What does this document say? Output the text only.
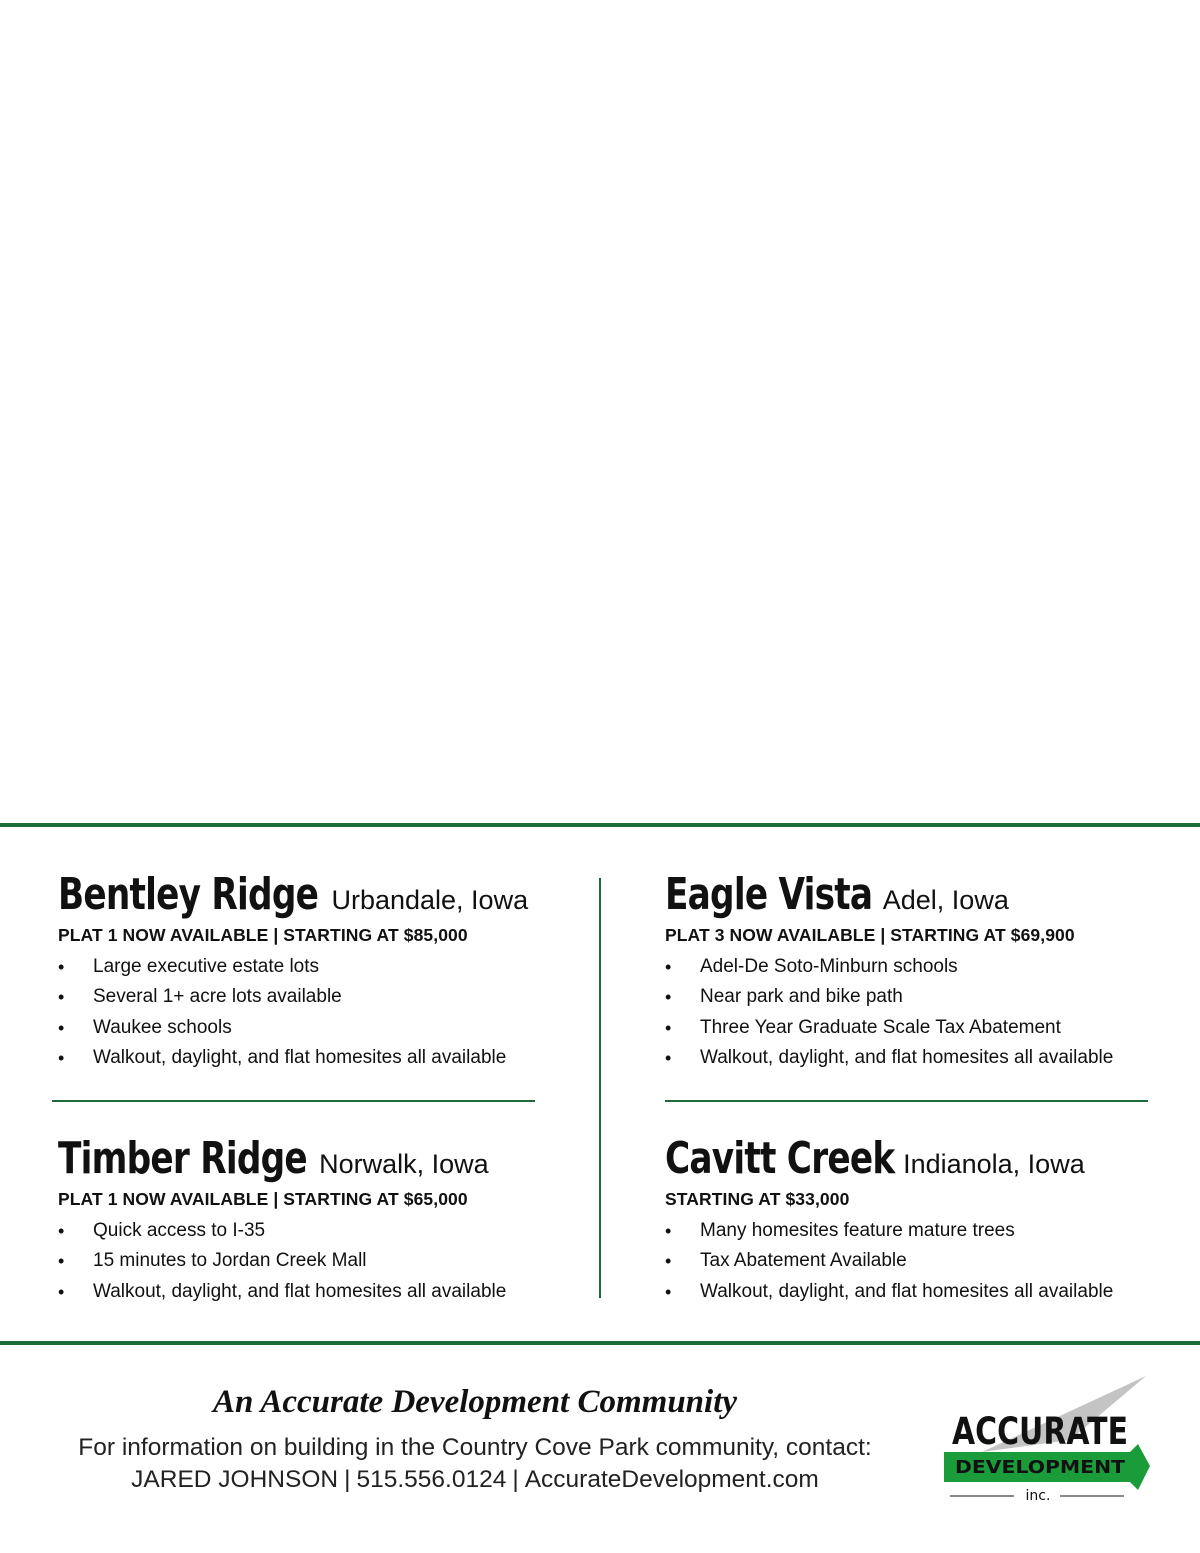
Bentley Ridge Urbandale, Iowa
PLAT 1 NOW AVAILABLE | STARTING AT $85,000
• Large executive estate lots
• Several 1+ acre lots available
• Waukee schools
• Walkout, daylight, and flat homesites all available
Eagle Vista Adel, Iowa
PLAT 3 NOW AVAILABLE | STARTING AT $69,900
• Adel-De Soto-Minburn schools
• Near park and bike path
• Three Year Graduate Scale Tax Abatement
• Walkout, daylight, and flat homesites all available
Timber Ridge Norwalk, Iowa
PLAT 1 NOW AVAILABLE | STARTING AT $65,000
• Quick access to I-35
• 15 minutes to Jordan Creek Mall
• Walkout, daylight, and flat homesites all available
Cavitt Creek Indianola, Iowa
STARTING AT $33,000
• Many homesites feature mature trees
• Tax Abatement Available
• Walkout, daylight, and flat homesites all available
An Accurate Development Community
For information on building in the Country Cove Park community, contact:
JARED JOHNSON | 515.556.0124 | AccurateDevelopment.com
ACCURATE
DEVELOPMENT
inc.
